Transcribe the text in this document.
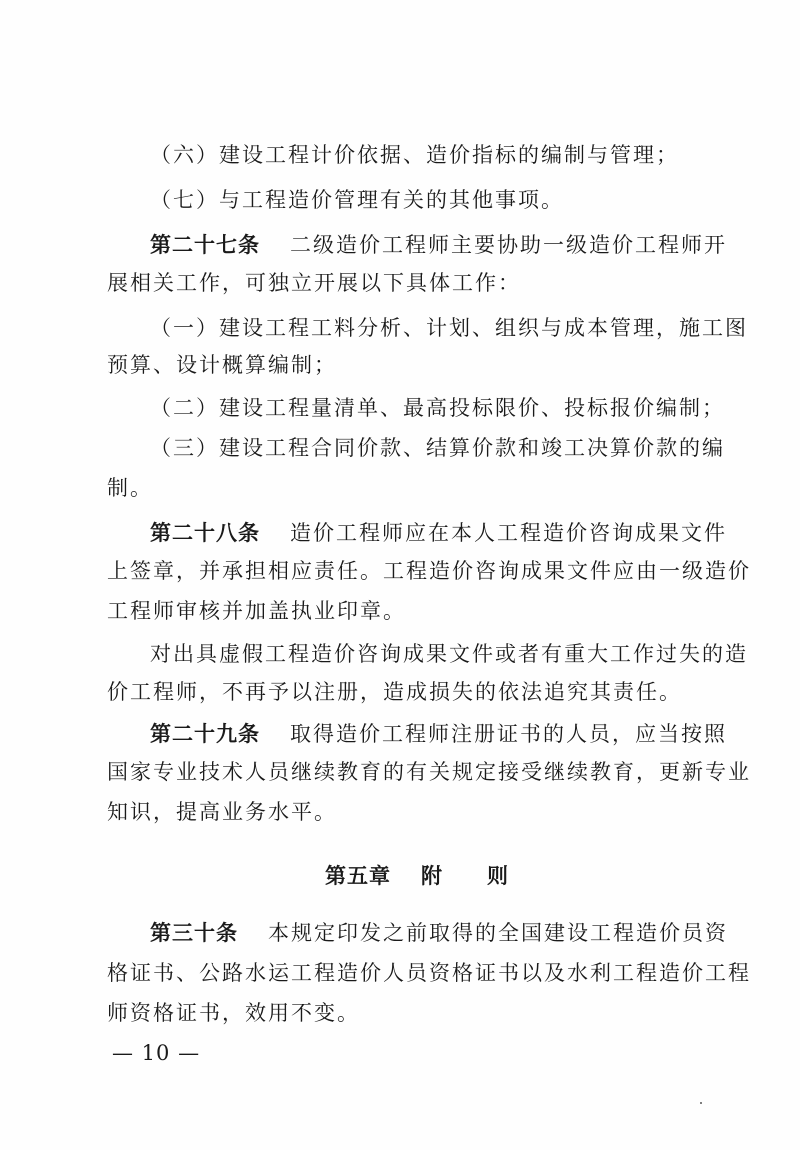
（六）建设工程计价依据、造价指标的编制与管理；
（七）与工程造价管理有关的其他事项。
第二十七条 二级造价工程师主要协助一级造价工程师开
展相关工作，可独立开展以下具体工作：
（一）建设工程工料分析、计划、组织与成本管理，施工图
预算、设计概算编制；
（二）建设工程量清单、最高投标限价、投标报价编制；
（三）建设工程合同价款、结算价款和竣工决算价款的编
制。
第二十八条 造价工程师应在本人工程造价咨询成果文件
上签章，并承担相应责任。工程造价咨询成果文件应由一级造价
工程师审核并加盖执业印章。
对出具虚假工程造价咨询成果文件或者有重大工作过失的造
价工程师，不再予以注册，造成损失的依法追究其责任。
第二十九条 取得造价工程师注册证书的人员，应当按照
国家专业技术人员继续教育的有关规定接受继续教育，更新专业
知识，提高业务水平。
第五章 附　　则
第三十条 本规定印发之前取得的全国建设工程造价员资
格证书、公路水运工程造价人员资格证书以及水利工程造价工程
师资格证书，效用不变。
— 10 —
